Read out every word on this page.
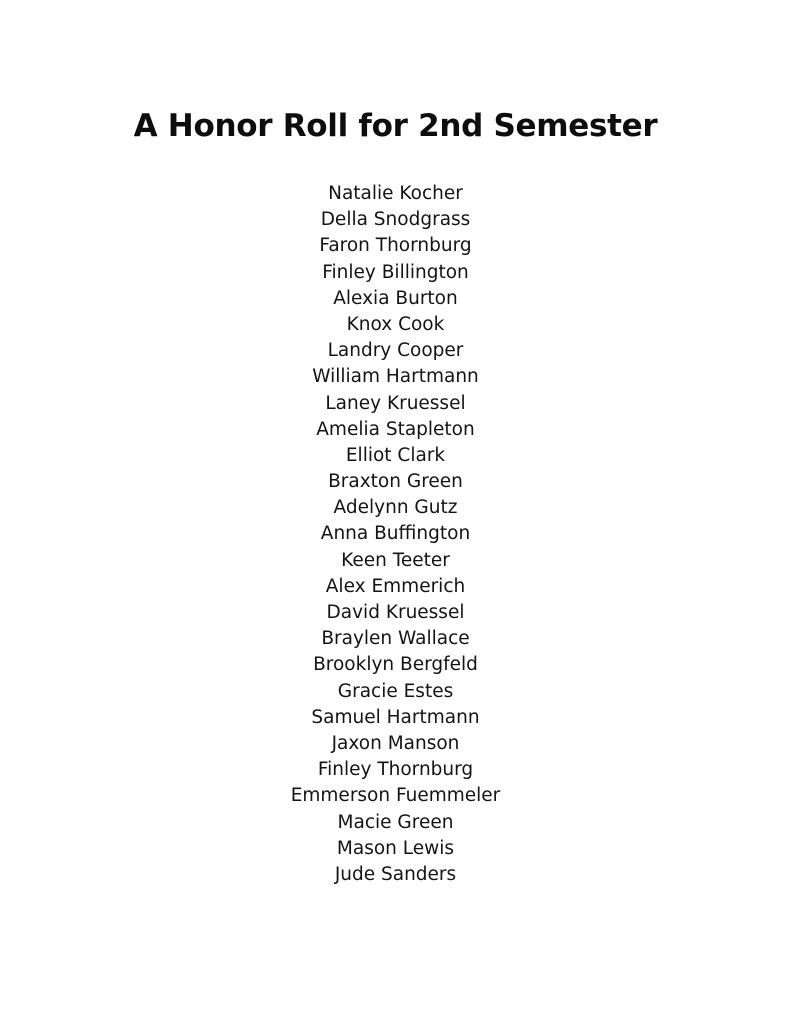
A Honor Roll for 2nd Semester
Natalie Kocher
Della Snodgrass
Faron Thornburg
Finley Billington
Alexia Burton
Knox Cook
Landry Cooper
William Hartmann
Laney Kruessel
Amelia Stapleton
Elliot Clark
Braxton Green
Adelynn Gutz
Anna Buffington
Keen Teeter
Alex Emmerich
David Kruessel
Braylen Wallace
Brooklyn Bergfeld
Gracie Estes
Samuel Hartmann
Jaxon Manson
Finley Thornburg
Emmerson Fuemmeler
Macie Green
Mason Lewis
Jude Sanders
